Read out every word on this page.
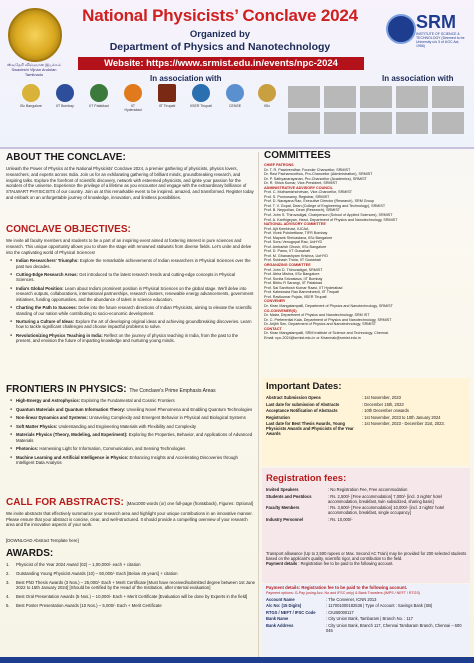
ஸ்வதேசி விஞ்ஞான இயக்கம் Swadeshi Vijnan Andolan Tamilnadu
National Physicists’ Conclave 2024
Organized by
Department of Physics and Nanotechnology
Website: https://www.srmist.edu.in/events/npc-2024
SRM
INSTITUTE OF SCIENCE & TECHNOLOGY (Deemed to be University u/s 3 of UGC Act, 1956)
In association with	In association with
ISc Bangalore	IIT Bombay	IIT Palakkad	IIT Hyderabad
IIT Tirupati	IISER Tirupati	CENSE	IISc
ABOUT THE CONCLAVE:
Unleash the Power of Physics at the National Physicists' Conclave 2024, a premier gathering of physicists, physics lovers, researchers, and experts across India. Join us for an exhilarating gathering of brilliant minds, groundbreaking research, and inspiring talks. Explore the forefront of scientific discovery, network with esteemed physicists, and ignite your passion for the wonders of the universe. Experience the privilege of a lifetime as you encounter and engage with the extraordinary brilliance of STALWART PHYSICISTS of our country. Join us at this remarkable event to be inspired, amazed, and transformed. Register today and embark on an unforgettable journey of knowledge, innovation, and limitless possibilities.
CONCLAVE OBJECTIVES:
We invite all faculty members and students to be a part of an inspiring event aimed at fostering interest in pure sciences and research. This unique opportunity allows you to share the stage with renowned stalwarts from diverse fields. Let's unite and delve into the captivating world of Physical Sciences!
● Indian Researchers' Triumphs: Explore the remarkable achievements of Indian researchers in Physical Sciences over the past two decades.
● Cutting-Edge Research Areas: Get introduced to the latest research trends and cutting-edge concepts in Physical Sciences.
● India's Global Position: Learn about India's prominent position in Physical Sciences on the global stage. We'll delve into research outputs, collaborations, international partnerships, research clusters, renewable energy advancements, government initiatives, funding opportunities, and the abundance of talent in science education.
● Charting the Path to Success: Delve into the future research directions of Indian Physicists, aiming to elevate the scientific standing of our nation while contributing to socio-economic development.
● Nurturing a Culture of Ideas: Explore the art of developing original ideas and achieving groundbreaking discoveries. Learn how to tackle significant challenges and choose impactful problems to solve.
● Revolutionizing Physics Teaching in India: Reflect on the journey of physics teaching in India, from the past to the present, and envision the future of imparting knowledge and nurturing young minds.
FRONTIERS IN PHYSICS: The Conclave's Prime Emphasis Areas
● High-Energy and Astrophysics: Exploring the Fundamental and Cosmic Frontiers
● Quantum Materials and Quantum Information Theory: Unveiling Novel Phenomena and Enabling Quantum Technologies
● Non-linear Dynamics and Systems: Unraveling Complexity and Emergent Behavior in Physical and Biological Systems
● Soft Matter Physics: Understanding and Engineering Materials with Flexibility and Complexity
● Materials Physics (Theory, Modeling, and Experiment): Exploring the Properties, Behavior, and Applications of Advanced Materials
● Photonics: Harnessing Light for Information, Communication, and Sensing Technologies
● Machine Learning and Artificial Intelligence in Physics: Enhancing Insights and Accelerating Discoveries through Intelligent Data Analysis
CALL FOR ABSTRACTS: [Max1000 words (or) one full-page (front&back), Figures: Optional]
We invite abstracts that effectively summarize your research area and highlight your unique contributions in an innovative manner. Please ensure that your abstract is concise, clear, and well-structured. It should provide a compelling overview of your research area and the innovative aspects of your work.
[DOWNLOAD Abstract Template here]
AWARDS:
1.	Physicist of the Year 2024 Award (02) – 1,00,000/- each + citation
2.	Outstanding Young Physicist Awards (10) – 50,000/- Each [Below 45 years] + citation
3.	Best PhD Thesis Awards (3 Nos.) – 25,000/- Each + Merit Certificate [Must have received/submitted degree between 1st June 2022 to 15th January 2024] [Should be certified by the Head of the Institution, after internal evaluation]
4.	Best Oral Presentation Awards (5 Nos.) – 10,000/- Each + Merit Certificate [Evaluation will be done by Experts in the field]
5.	Best Poster Presentation Awards (10 Nos.) – 5,000/- Each + Merit Certificate
COMMITTEES
CHIEF PATRONS
Dr. T. R. Paarivendhar, Founder Chancellor, SRMIST
Dr. Ravi Pachamoothoo, Pro-Chancellor (Administration), SRMIST
Dr. P. Sathyanarayanan, Pro-Chancellor (Academics), SRMIST
Dr. R. Shiva Kumar, Vice-President, SRMIST
ADMINISTRATIVE ADVISORY COUNCIL
Prof. C. Muthamizhchelvan, Vice-Chancellor, SRMIST
Prof. S. Ponnusamy, Registrar, SRMIST
Prof. D. Narayana Rao, Executive Director (Research), SRM Group
Prof. T. V. Gopal, Dean (College of Engineering and Technology), SRMIST
Prof. B. Neppolian, Dean (Research), SRMIST
Prof. John S. Thiruvadigal, Chairperson (School of Applied Sciences), SRMIST
Prof. A. Karthigeyan, Head, Department of Physics and Nanotechnology, SRMIST
NATIONAL ADVISORY COMMITTEE
Prof. Ajit Kembhavi, IUCAA
Prof. Vivek Polshettiwar, TIFR Bombay
Prof. Mayank Shrivastava, IISc Bangalore
Prof. Sonu Venugopal Rao, UoHYD
Prof. Ambarish Ghosh, IISc Bangalore
Prof. D. Pamu, IIT Guwahati
Prof. M. Ghanashyam Krishna, UoHYD
Prof. Subhash Thota, IIT Guwahati
ORGANIZING COMMITTEE
Prof. John D. Thiruvadigal, SRMIST
Prof. Abha Mishra, IISc Bangalore
Prof. Sunita Srivastava, IIT Bombay
Prof. Bibhu R Sarangi, IIT Palakkad
Prof. Sai Santhosh Kumar Raavi, IIT Hyderabad
Prof. Kateswara Rao Bammineedi, IIT Tirupati
Prof. Ravikumar Pujala, IISER Tirupati
CONVENER
Dr. Kiran Mangalampalli, Department of Physics and Nanotechnology, SRMIST
CO-CONVENER(S)
Dr. Malar, Department of Physics and Nanotechnology, SRM IST
Dr. C. Preferential Kala, Department of Physics and Nanotechnology, SRMIST
Dr. Arijith Sen, Department of Physics and Nanotechnology, SRMIST
CONTACT
Dr. Kiran Mangalampalli, SRM Institute of Science and Technology, Chennai.
Email: npc-2024@srmist.edu.in or Kiranmak@srmist.edu.in
Important Dates:
Abstract Submission Opens	: 1st November, 2023
Last date for submission of Abstracts	: December 15th, 2023
Acceptance Notification of Abstracts	: 10th December onwards
Registration	: 1st November, 2023 to 10th January 2024
Last date for Best Thesis Awards, Young Physicists Awards and Physicists of the Year Awards	: 1st November, 2023 - December 31st, 2023.
Registration fees:
Invited Speakers	: No Registration Fee, Free accommodation
Students and Postdocs	: Rs. 2,500/- [Free accommodation] 7,000/- [incl. 3 nights' hotel accommodation, breakfast, twin subsidized, sharing basis]
Faculty Members	: Rs. 3,500/- [Free accommodation] 10,000/- [incl. 3 nights' hotel accommodation, breakfast, single occupancy]
Industry Personnel	: Rs. 10,000/-
Transport allowance (Up to 2,500 rupees or Max. Second AC Train) may be provided for 200 selected students based on the applicant's quality, scientific rigor, and contribution to the field.
Payment details : Registration fee to be paid to the following account.
Payment details: Registration fee to be paid to the following account.
Payment options: G-Pay (using Acc. No and IFSC only) & Bank Transfers (IMPS / NEFT / RTGS)
Account Name	: The Convener, ICNN 2013
A/c No: (15 Digits)	: 117001000182536 | Type of Account : Savings Bank (SB)
RTGS / NEFT / IFSC Code	: CIUB0000117
Bank Name	: City Union Bank, Tambaram | Branch No. : 117
Bank Address	: City Union Bank, Branch 117, Chennai Tambaram Branch, Chennai – 600 045
